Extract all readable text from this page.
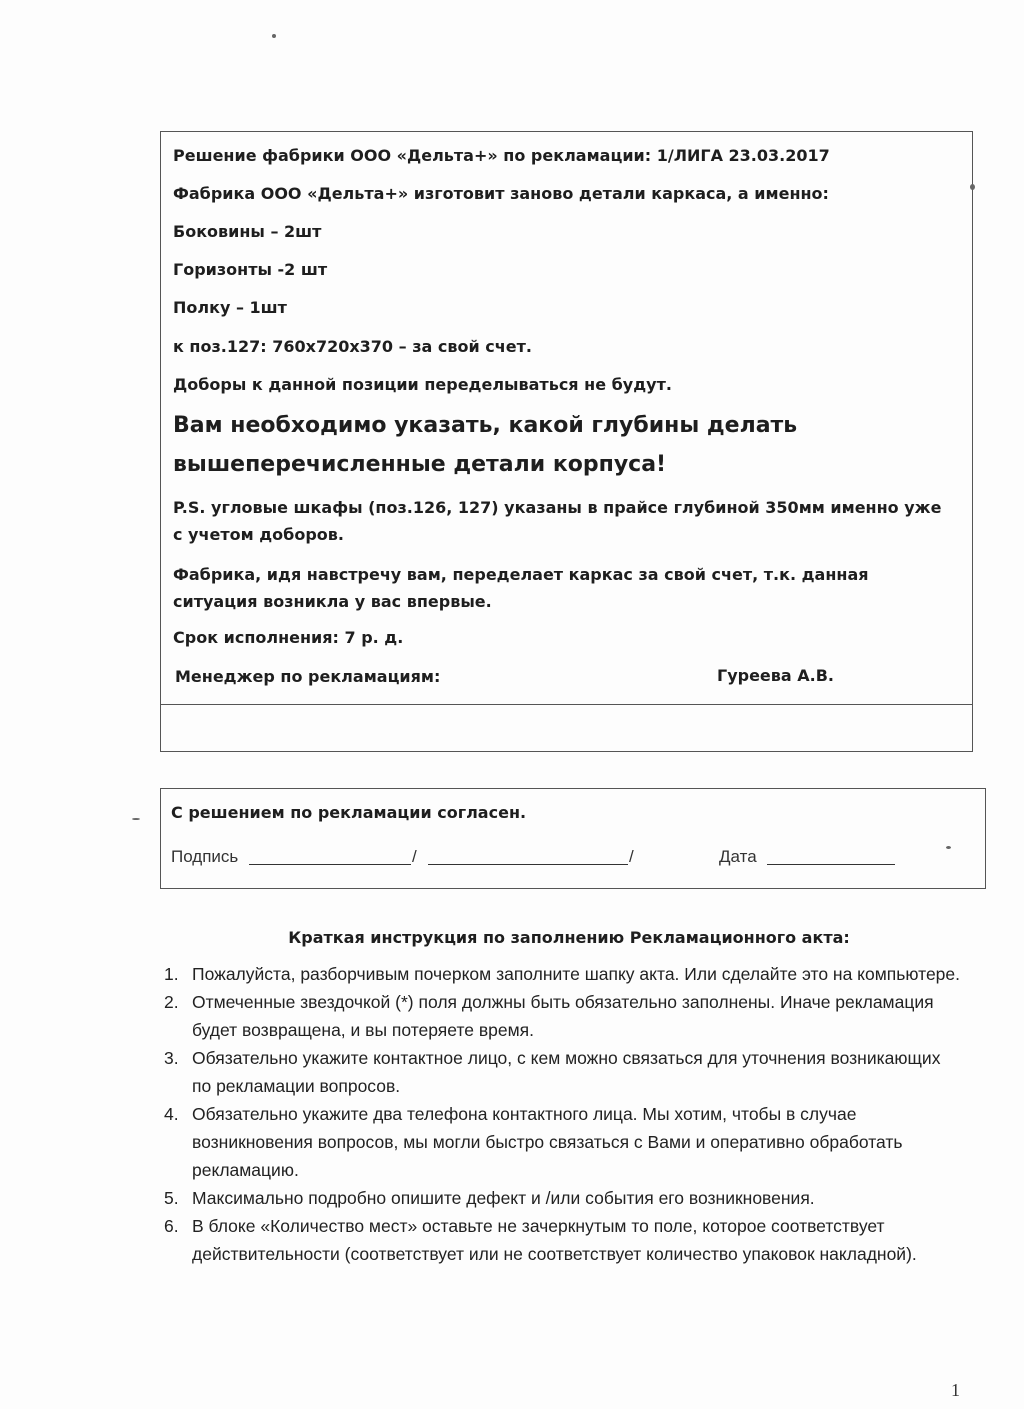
Решение фабрики ООО «Дельта+» по рекламации: 1/ЛИГА 23.03.2017
Фабрика ООО «Дельта+» изготовит заново детали каркаса, а именно:
Боковины – 2шт
Горизонты -2 шт
Полку – 1шт
к поз.127: 760х720х370 – за свой счет.
Доборы к данной позиции переделываться не будут.
Вам необходимо указать, какой глубины делать
вышеперечисленные детали корпуса!
P.S. угловые шкафы (поз.126, 127) указаны в прайсе глубиной 350мм именно уже с учетом доборов.
Фабрика, идя навстречу вам, переделает каркас за свой счет, т.к. данная ситуация возникла у вас впервые.
Срок исполнения: 7 р. д.
Менеджер по рекламациям:	Гуреева А.В.
С решением по рекламации согласен.
Подпись	/	/	Дата
Краткая инструкция по заполнению Рекламационного акта:
1. Пожалуйста, разборчивым почерком заполните шапку акта. Или сделайте это на компьютере.
2. Отмеченные звездочкой (*) поля должны быть обязательно заполнены. Иначе рекламация будет возвращена, и вы потеряете время.
3. Обязательно укажите контактное лицо, с кем можно связаться для уточнения возникающих по рекламации вопросов.
4. Обязательно укажите два телефона контактного лица. Мы хотим, чтобы в случае возникновения вопросов, мы могли быстро связаться с Вами и оперативно обработать рекламацию.
5. Максимально подробно опишите дефект и /или события его возникновения.
6. В блоке «Количество мест» оставьте не зачеркнутым то поле, которое соответствует действительности (соответствует или не соответствует количество упаковок накладной).
1
